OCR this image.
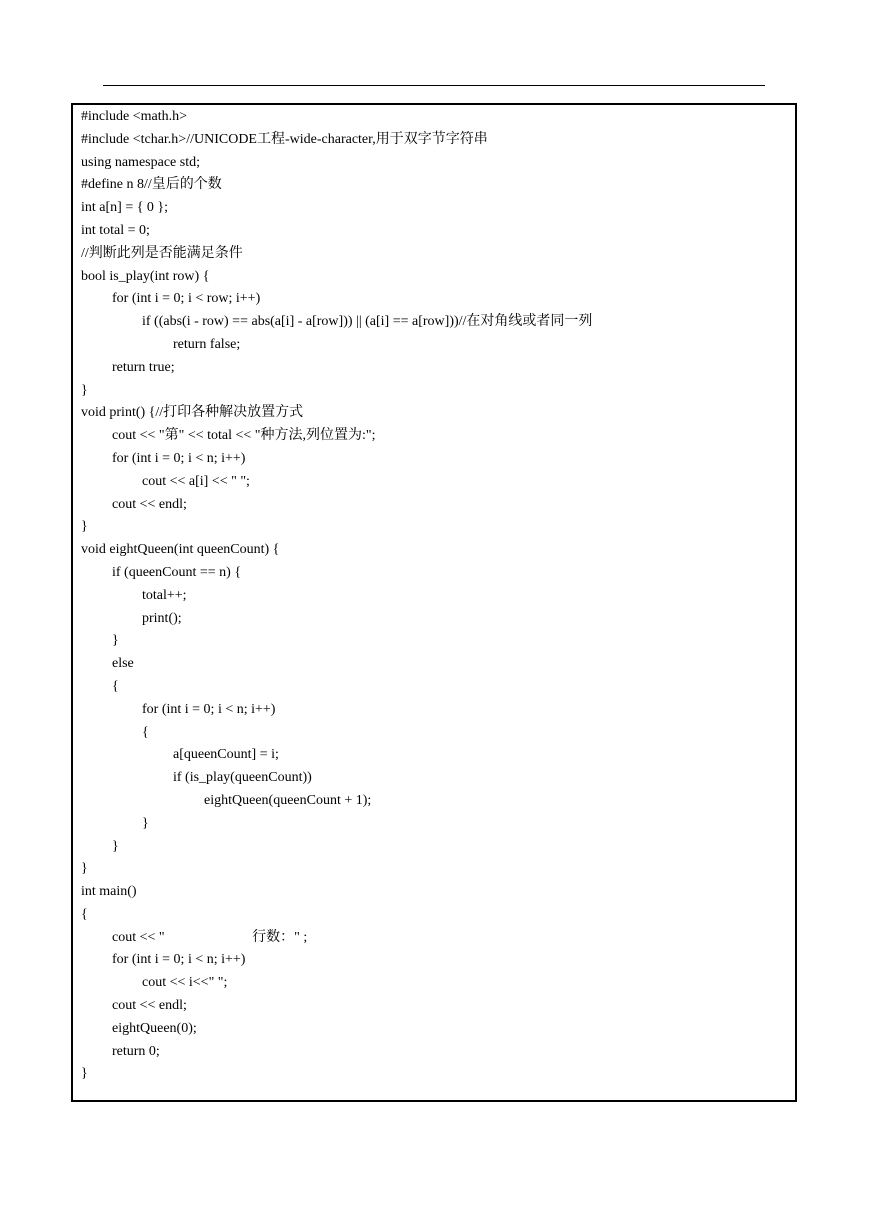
#include <math.h>
#include <tchar.h>//UNICODE工程-wide-character,用于双字节字符串
using namespace std;
#define n 8//皇后的个数
int a[n] = { 0 };
int total = 0;
//判断此列是否能满足条件
bool is_play(int row) {
for (int i = 0; i < row; i++)
if ((abs(i - row) == abs(a[i] - a[row])) || (a[i] == a[row]))//在对角线或者同一列
return false;
return true;
}
void print() {//打印各种解决放置方式
cout << "第" << total << "种方法,列位置为:";
for (int i = 0; i < n; i++)
cout << a[i] << " ";
cout << endl;
}
void eightQueen(int queenCount) {
if (queenCount == n) {
total++;
print();
}
else
{
for (int i = 0; i < n; i++)
{
a[queenCount] = i;
if (is_play(queenCount))
eightQueen(queenCount + 1);
}
}
}
int main()
{
cout << "                         行数：" ;
for (int i = 0; i < n; i++)
cout << i<<" ";
cout << endl;
eightQueen(0);
return 0;
}
